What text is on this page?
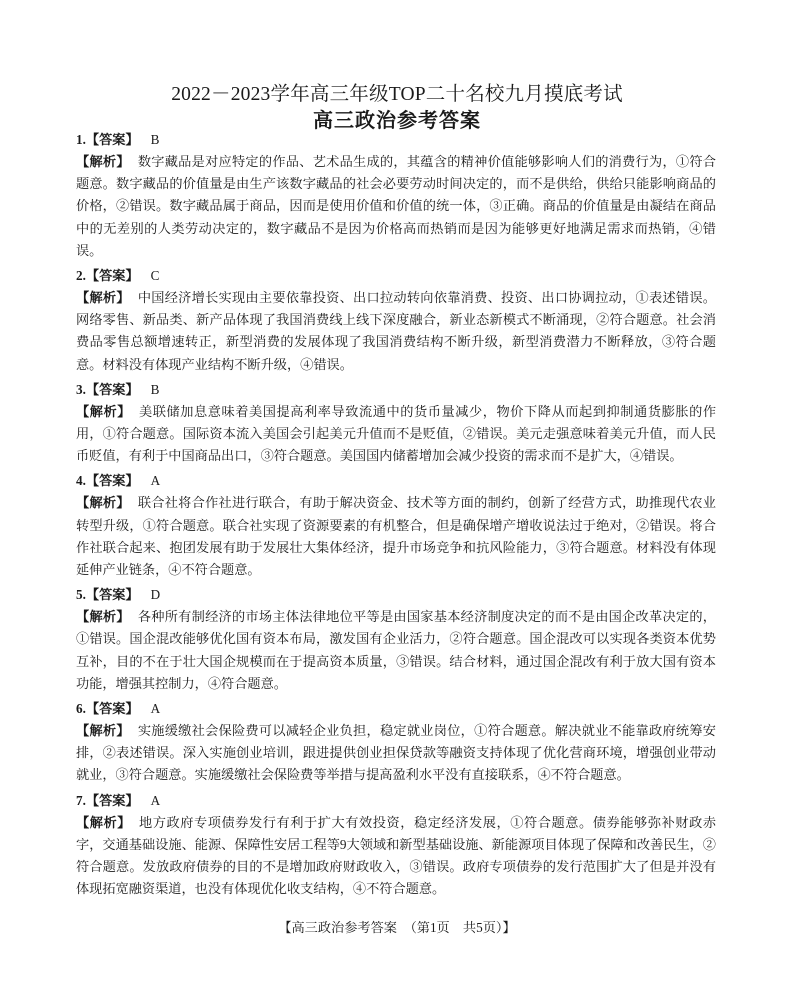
2022－2023学年高三年级TOP二十名校九月摸底考试
高三政治参考答案
1.【答案】 B
【解析】 数字藏品是对应特定的作品、艺术品生成的，其蕴含的精神价值能够影响人们的消费行为，①符合题意。数字藏品的价值量是由生产该数字藏品的社会必要劳动时间决定的，而不是供给，供给只能影响商品的价格，②错误。数字藏品属于商品，因而是使用价值和价值的统一体，③正确。商品的价值量是由凝结在商品中的无差别的人类劳动决定的，数字藏品不是因为价格高而热销而是因为能够更好地满足需求而热销，④错误。
2.【答案】 C
【解析】 中国经济增长实现由主要依靠投资、出口拉动转向依靠消费、投资、出口协调拉动，①表述错误。网络零售、新品类、新产品体现了我国消费线上线下深度融合，新业态新模式不断涌现，②符合题意。社会消费品零售总额增速转正，新型消费的发展体现了我国消费结构不断升级，新型消费潜力不断释放，③符合题意。材料没有体现产业结构不断升级，④错误。
3.【答案】 B
【解析】 美联储加息意味着美国提高利率导致流通中的货币量减少，物价下降从而起到抑制通货膨胀的作用，①符合题意。国际资本流入美国会引起美元升值而不是贬值，②错误。美元走强意味着美元升值，而人民币贬值，有利于中国商品出口，③符合题意。美国国内储蓄增加会减少投资的需求而不是扩大，④错误。
4.【答案】 A
【解析】 联合社将合作社进行联合，有助于解决资金、技术等方面的制约，创新了经营方式，助推现代农业转型升级，①符合题意。联合社实现了资源要素的有机整合，但是确保增产增收说法过于绝对，②错误。将合作社联合起来、抱团发展有助于发展壮大集体经济，提升市场竞争和抗风险能力，③符合题意。材料没有体现延伸产业链条，④不符合题意。
5.【答案】 D
【解析】 各种所有制经济的市场主体法律地位平等是由国家基本经济制度决定的而不是由国企改革决定的，①错误。国企混改能够优化国有资本布局，激发国有企业活力，②符合题意。国企混改可以实现各类资本优势互补，目的不在于壮大国企规模而在于提高资本质量，③错误。结合材料，通过国企混改有利于放大国有资本功能，增强其控制力，④符合题意。
6.【答案】 A
【解析】 实施缓缴社会保险费可以减轻企业负担，稳定就业岗位，①符合题意。解决就业不能靠政府统筹安排，②表述错误。深入实施创业培训，跟进提供创业担保贷款等融资支持体现了优化营商环境，增强创业带动就业，③符合题意。实施缓缴社会保险费等举措与提高盈利水平没有直接联系，④不符合题意。
7.【答案】 A
【解析】 地方政府专项债券发行有利于扩大有效投资，稳定经济发展，①符合题意。债券能够弥补财政赤字，交通基础设施、能源、保障性安居工程等9大领域和新型基础设施、新能源项目体现了保障和改善民生，②符合题意。发放政府债券的目的不是增加政府财政收入，③错误。政府专项债券的发行范围扩大了但是并没有体现拓宽融资渠道，也没有体现优化收支结构，④不符合题意。
【高三政治参考答案　（第1页　共5页）】
